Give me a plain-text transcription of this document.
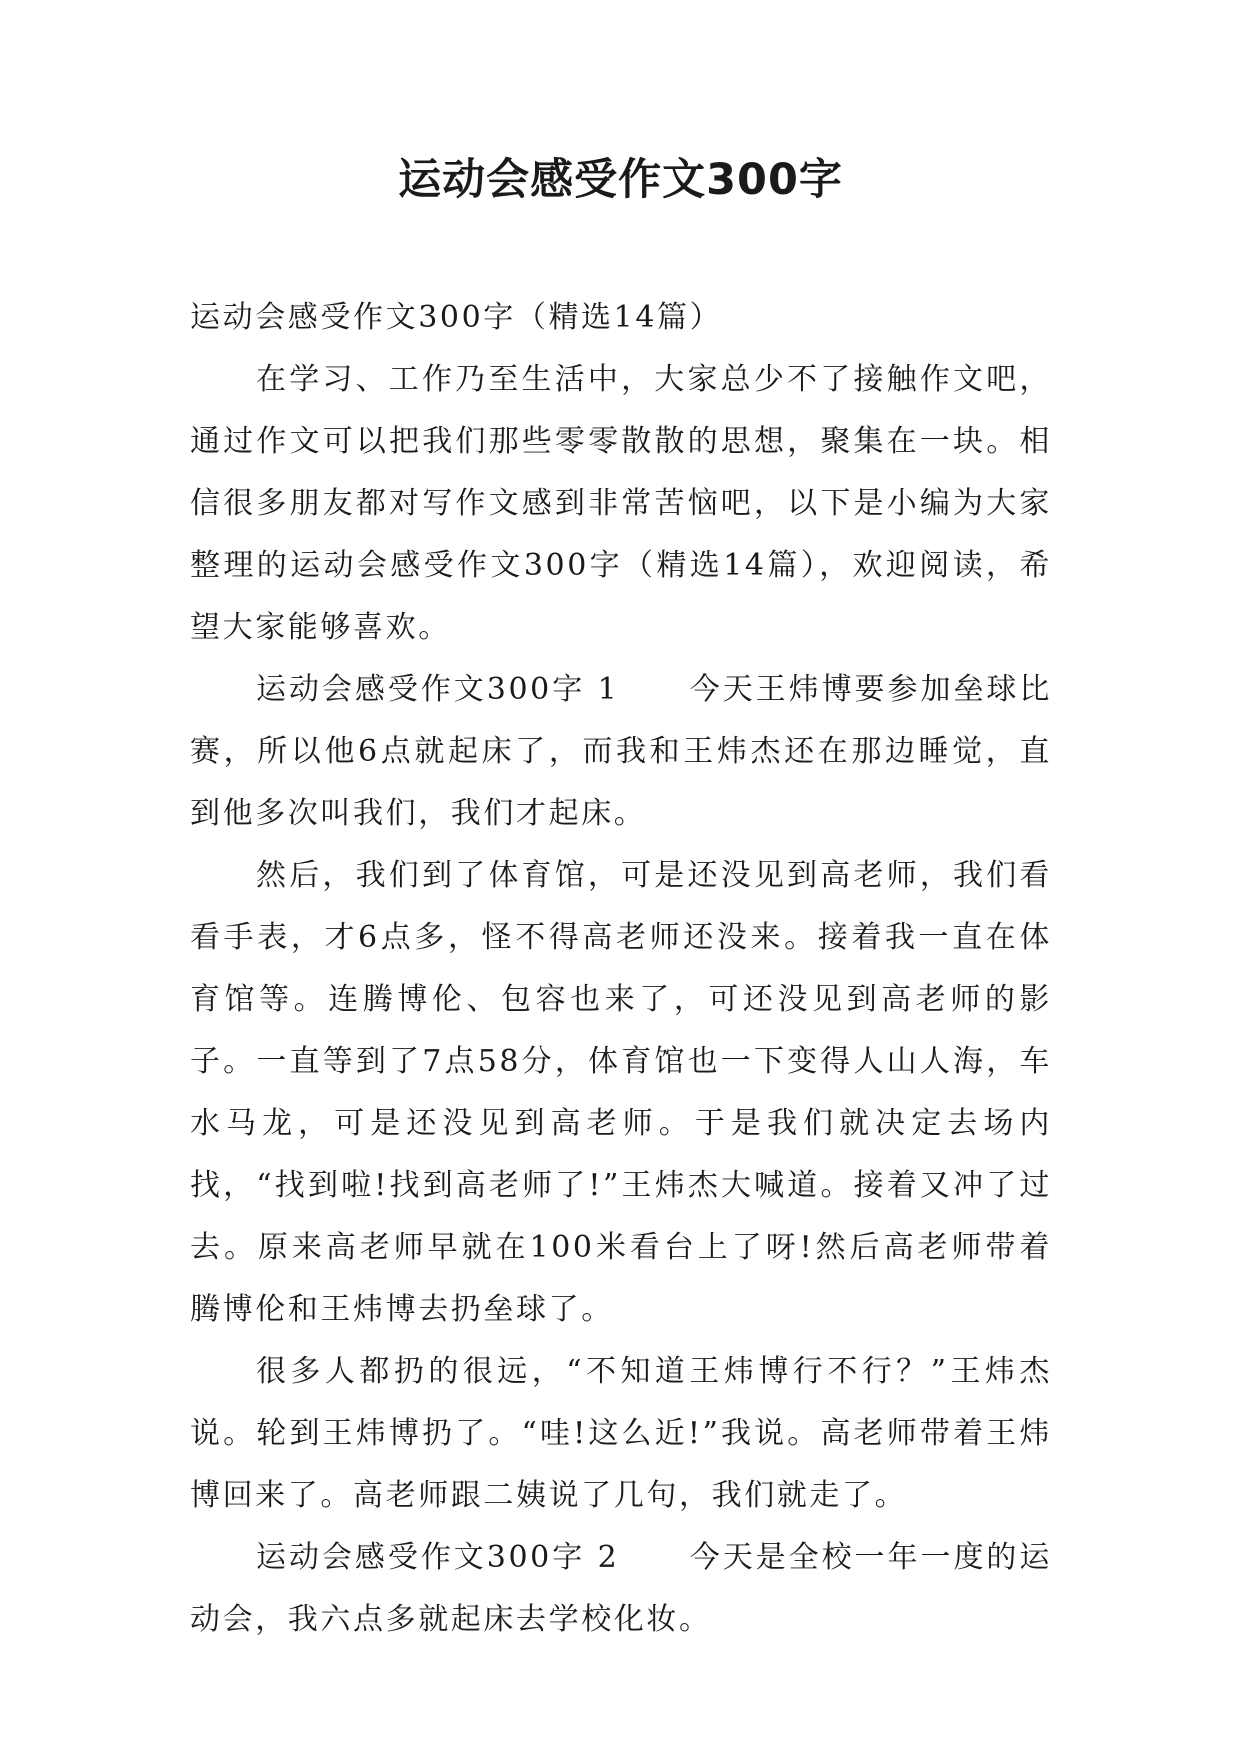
运动会感受作文300字

运动会感受作文300字（精选14篇）

在学习、工作乃至生活中，大家总少不了接触作文吧，通过作文可以把我们那些零零散散的思想，聚集在一块。相信很多朋友都对写作文感到非常苦恼吧，以下是小编为大家整理的运动会感受作文300字（精选14篇），欢迎阅读，希望大家能够喜欢。

运动会感受作文300字 1 今天王炜博要参加垒球比赛，所以他6点就起床了，而我和王炜杰还在那边睡觉，直到他多次叫我们，我们才起床。

然后，我们到了体育馆，可是还没见到高老师，我们看看手表，才6点多，怪不得高老师还没来。接着我一直在体育馆等。连腾博伦、包容也来了，可还没见到高老师的影子。一直等到了7点58分，体育馆也一下变得人山人海，车水马龙，可是还没见到高老师。于是我们就决定去场内找，“找到啦!找到高老师了!”王炜杰大喊道。接着又冲了过去。原来高老师早就在100米看台上了呀!然后高老师带着腾博伦和王炜博去扔垒球了。

很多人都扔的很远，“不知道王炜博行不行？”王炜杰说。轮到王炜博扔了。“哇!这么近!”我说。高老师带着王炜博回来了。高老师跟二姨说了几句，我们就走了。

运动会感受作文300字 2 今天是全校一年一度的运动会，我六点多就起床去学校化妆。
